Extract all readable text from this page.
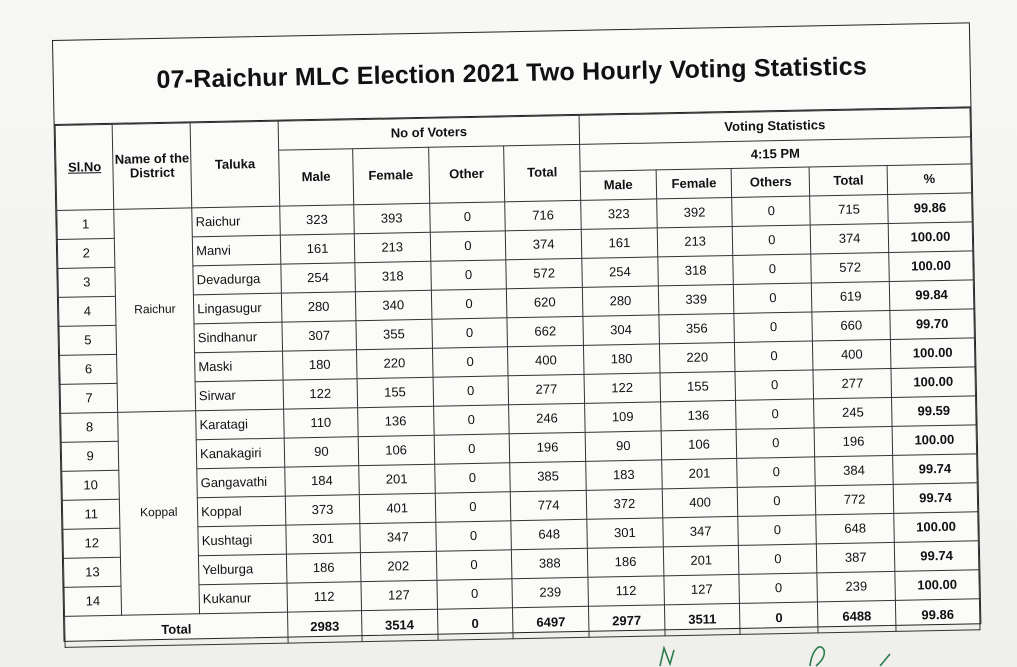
07-Raichur MLC Election 2021 Two Hourly Voting Statistics
Sl.No	Name of the District	Taluka	No of Voters				Voting Statistics				
			Male	Female	Other	Total	4:15 PM				
							Male	Female	Others	Total	%
1	Raichur	Raichur	323	393	0	716	323	392	0	715	99.86
2		Manvi	161	213	0	374	161	213	0	374	100.00
3		Devadurga	254	318	0	572	254	318	0	572	100.00
4		Lingasugur	280	340	0	620	280	339	0	619	99.84
5		Sindhanur	307	355	0	662	304	356	0	660	99.70
6		Maski	180	220	0	400	180	220	0	400	100.00
7		Sirwar	122	155	0	277	122	155	0	277	100.00
8	Koppal	Karatagi	110	136	0	246	109	136	0	245	99.59
9		Kanakagiri	90	106	0	196	90	106	0	196	100.00
10		Gangavathi	184	201	0	385	183	201	0	384	99.74
11		Koppal	373	401	0	774	372	400	0	772	99.74
12		Kushtagi	301	347	0	648	301	347	0	648	100.00
13		Yelburga	186	202	0	388	186	201	0	387	99.74
14		Kukanur	112	127	0	239	112	127	0	239	100.00
Total			2983	3514	0	6497	2977	3511	0	6488	99.86
